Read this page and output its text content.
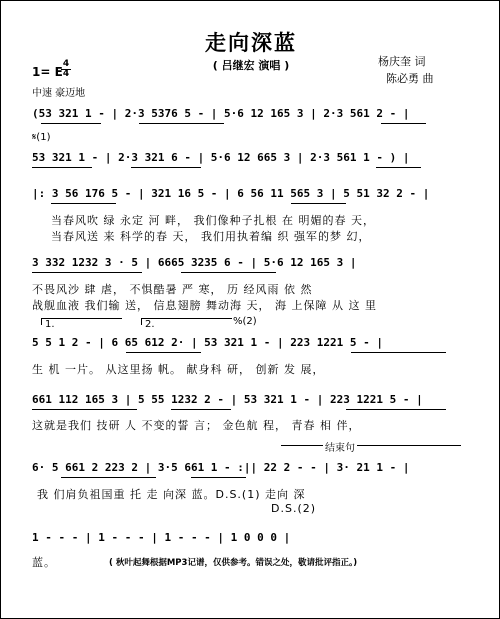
走向深蓝
( 吕继宏 演唱 )	杨庆奎 词
陈必勇 曲
1= E
4
4
中速 豪迈地
(53 321 1 - | 2·3 5376 5 - | 5·6 12 165 3 | 2·3 561 2 - |
𝄋(1)
53 321 1 - | 2·3 321 6 - | 5·6 12 665 3 | 2·3 561 1 - ) |
|: 3 56 176 5 - | 321 16 5 - | 6 56 11 565 3 | 5 51 32 2 - |
当春风吹 绿 永定 河 畔， 我们像种子扎根 在 明媚的春 天，
当春风送 来 科学的春 天， 我们用执着编 织 强军的梦 幻，
3 332 1232 3 · 5 | 6665 3235 6 - | 5·6 12 165 3 |
不畏风沙 肆 虐， 不惧酷暑 严 寒， 历 经风雨 依 然
战舰血液 我们输 送， 信息翅膀 舞动海 天， 海 上保障 从 这 里
1.	2.	%(2)
5 5 1 2 - | 6 65 612 2· | 53 321 1 - | 223 1221 5 - |
生 机 一片。 从这里扬 帆。 献身科 研， 创新 发 展，
661 112 165 3 | 5 55 1232 2 - | 53 321 1 - | 223 1221 5 - |
这就是我们 技研 人 不变的誓 言； 金色航 程， 青春 相 伴，
结束句
6· 5 661 2 223 2 | 3·5 661 1 - :|| 22 2 - - | 3· 21 1 - |
我 们肩负祖国重 托 走 向深 蓝。D.S.(1) 走向 深
D.S.(2)
1 - - - | 1 - - - | 1 - - - | 1 0 0 0 |
蓝。	( 秋叶起舞根据MP3记谱，仅供参考。错误之处，敬请批评指正。)
